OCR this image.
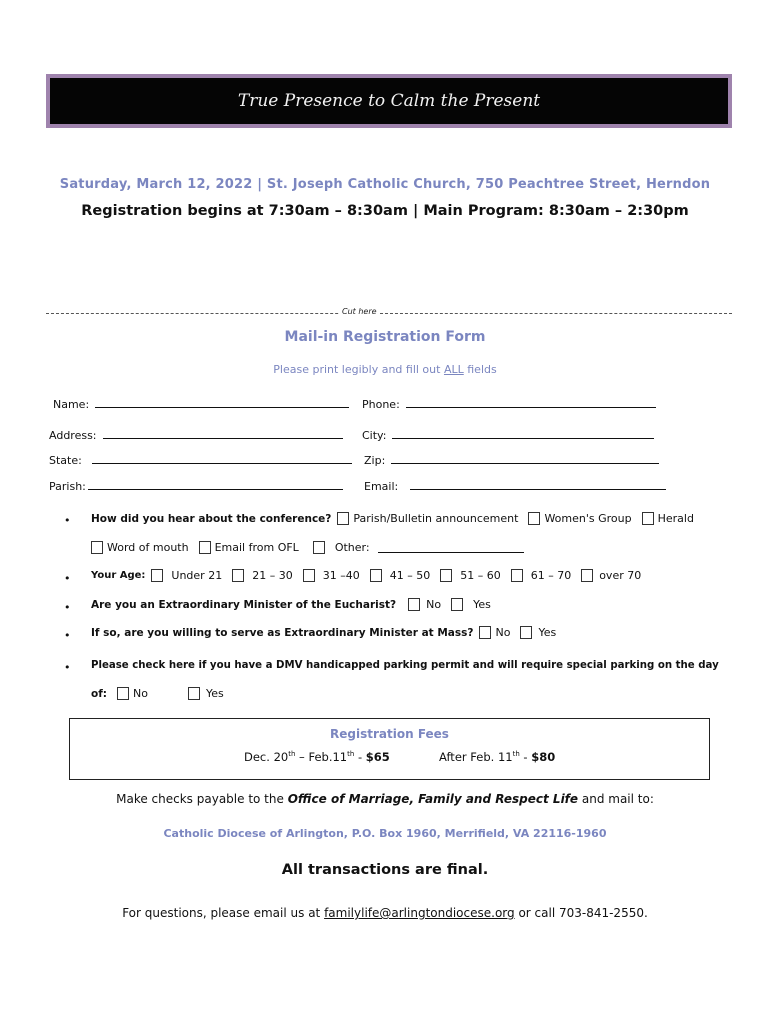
True Presence to Calm the Present
Saturday, March 12, 2022 | St. Joseph Catholic Church, 750 Peachtree Street, Herndon
Registration begins at 7:30am – 8:30am | Main Program: 8:30am – 2:30pm
Cut here
Mail-in Registration Form
Please print legibly and fill out ALL fields
Name:	Phone:
Address:	City:
State:	Zip:
Parish:	Email:
• How did you hear about the conference? Parish/Bulletin announcement Women's Group Herald
Word of mouth Email from OFL	Other:
• Your Age: Under 21	21 – 30	31 –40	41 – 50	51 – 60	61 – 70	over 70
• Are you an Extraordinary Minister of the Eucharist?	No	Yes
• If so, are you willing to serve as Extraordinary Minister at Mass? No	Yes
• Please check here if you have a DMV handicapped parking permit and will require special parking on the day
of: No	Yes
Registration Fees
Dec. 20th – Feb.11th - $65	After Feb. 11th - $80
Make checks payable to the Office of Marriage, Family and Respect Life and mail to:
Catholic Diocese of Arlington, P.O. Box 1960, Merrifield, VA 22116-1960
All transactions are final.
For questions, please email us at familylife@arlingtondiocese.org or call 703-841-2550.
